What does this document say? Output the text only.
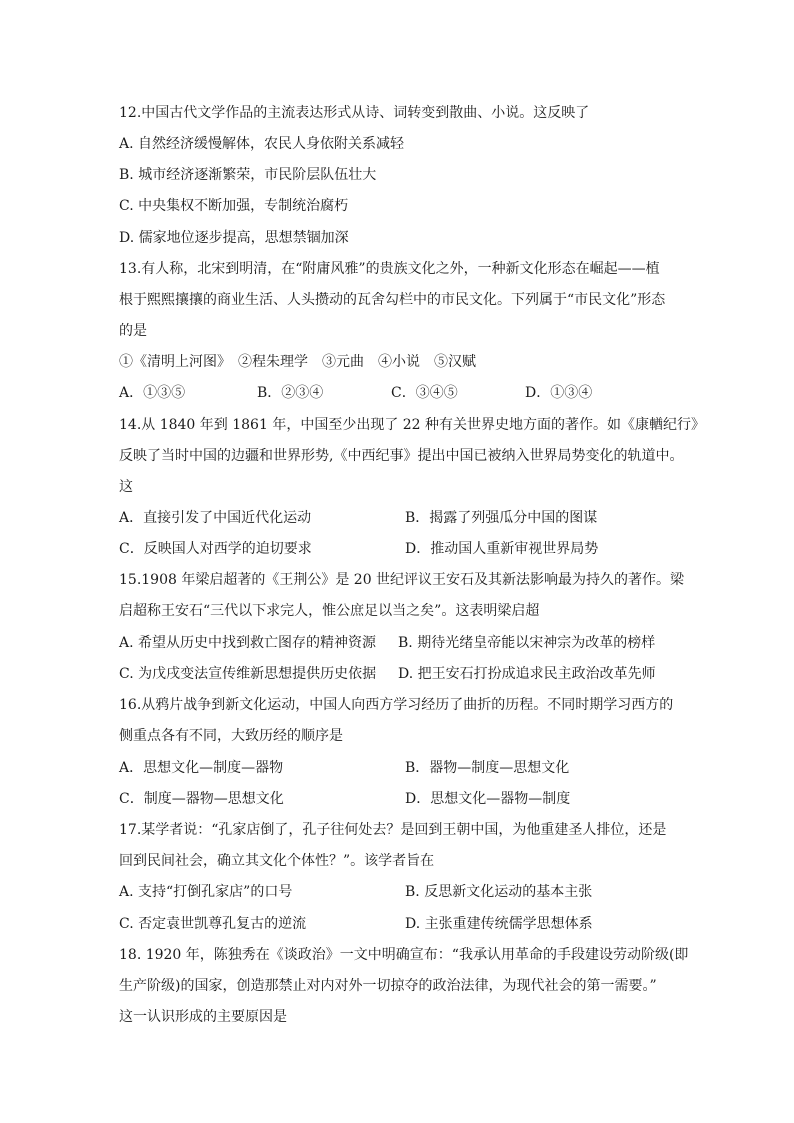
12.中国古代文学作品的主流表达形式从诗、词转变到散曲、小说。这反映了
A. 自然经济缓慢解体，农民人身依附关系减轻
B. 城市经济逐渐繁荣，市民阶层队伍壮大
C. 中央集权不断加强，专制统治腐朽
D. 儒家地位逐步提高，思想禁锢加深
13.有人称，北宋到明清，在“附庸风雅”的贵族文化之外，一种新文化形态在崛起——植
根于熙熙攘攘的商业生活、人头攒动的瓦舍勾栏中的市民文化。下列属于“市民文化”形态
的是
①《清明上河图》　②程朱理学　③元曲　④小说　⑤汉赋
A．①③⑤	B．②③④	C．③④⑤	D．①③④
14.从 1840 年到 1861 年，中国至少出现了 22 种有关世界史地方面的著作。如《康輶纪行》
反映了当时中国的边疆和世界形势,《中西纪事》提出中国已被纳入世界局势变化的轨道中。
这
A．直接引发了中国近代化运动	B．揭露了列强瓜分中国的图谋
C．反映国人对西学的迫切要求	D．推动国人重新审视世界局势
15.1908 年梁启超著的《王荆公》是 20 世纪评议王安石及其新法影响最为持久的著作。梁
启超称王安石“三代以下求完人，惟公庶足以当之矣”。这表明梁启超
A. 希望从历史中找到救亡图存的精神资源 B. 期待光绪皇帝能以宋神宗为改革的榜样
C. 为戊戌变法宣传维新思想提供历史依据 D. 把王安石打扮成追求民主政治改革先师
16.从鸦片战争到新文化运动，中国人向西方学习经历了曲折的历程。不同时期学习西方的
侧重点各有不同，大致历经的顺序是
A．思想文化—制度—器物	B．器物—制度—思想文化
C．制度—器物—思想文化	D．思想文化—器物—制度
17.某学者说：“孔家店倒了，孔子往何处去？是回到王朝中国，为他重建圣人排位，还是
回到民间社会，确立其文化个体性？”。该学者旨在
A. 支持“打倒孔家店”的口号	B. 反思新文化运动的基本主张
C. 否定袁世凯尊孔复古的逆流	D. 主张重建传统儒学思想体系
18. 1920 年，陈独秀在《谈政治》一文中明确宣布：“我承认用革命的手段建设劳动阶级(即
生产阶级)的国家，创造那禁止对内对外一切掠夺的政治法律，为现代社会的第一需要。”
这一认识形成的主要原因是
